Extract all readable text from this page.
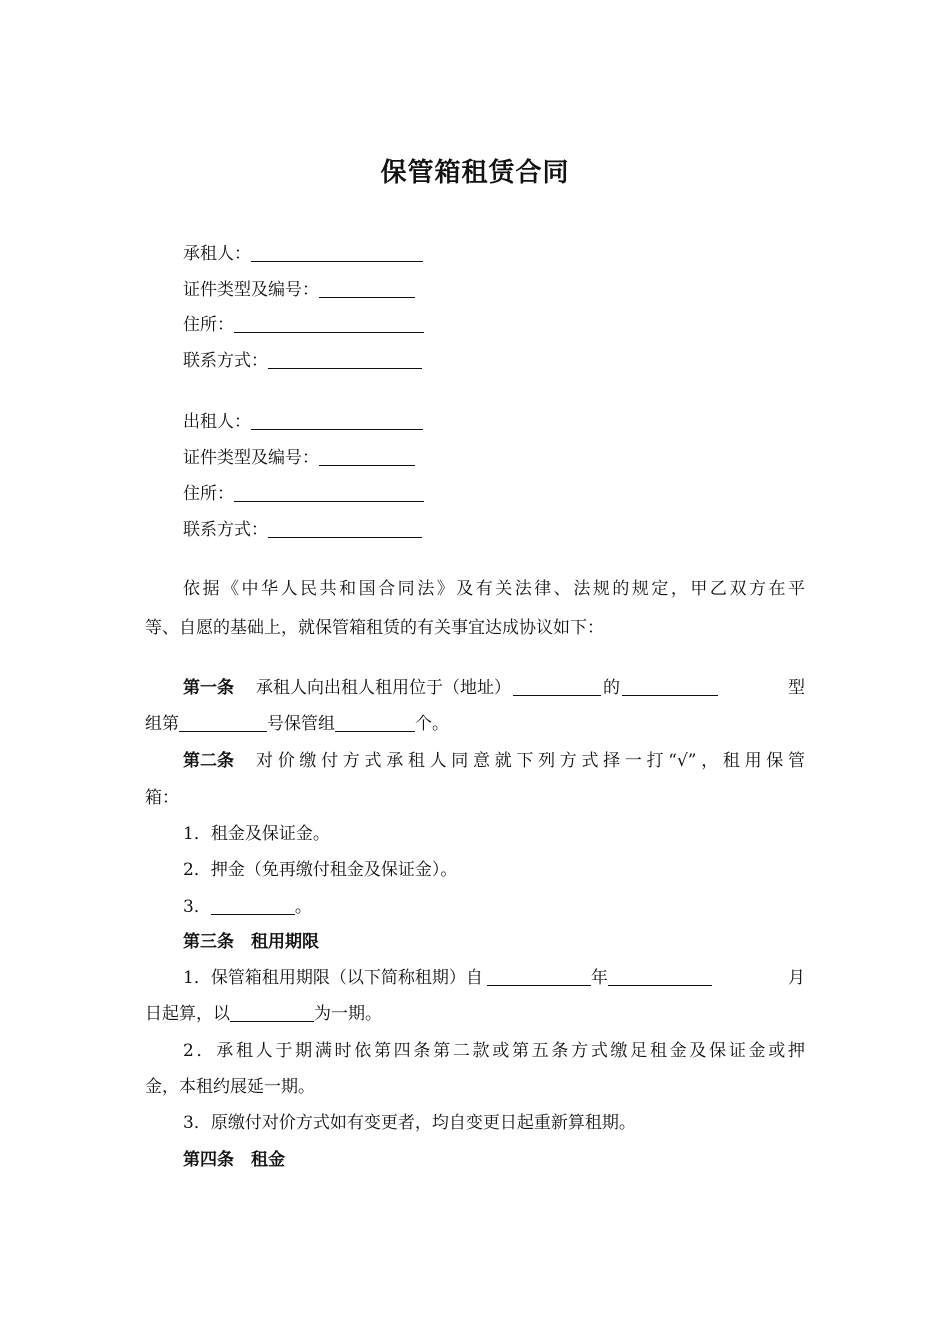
保管箱租赁合同
承租人：
证件类型及编号：
住所：
联系方式：
出租人：
证件类型及编号：
住所：
联系方式：
依据《中华人民共和国合同法》及有关法律、法规的规定，甲乙双方在平
等、自愿的基础上，就保管箱租赁的有关事宜达成协议如下：
第一条 承租人向出租人租用位于（地址）	的	型
组第	号保管组	个。
第二条 对价缴付方式承租人同意就下列方式择一打“√”，租用保管
箱：
1．租金及保证金。
2．押金（免再缴付租金及保证金）。
3．	。
第三条　租用期限
1．保管箱租用期限（以下简称租期）自	年	月
日起算，以	为一期。
2．承租人于期满时依第四条第二款或第五条方式缴足租金及保证金或押
金，本租约展延一期。
3．原缴付对价方式如有变更者，均自变更日起重新算租期。
第四条　租金
